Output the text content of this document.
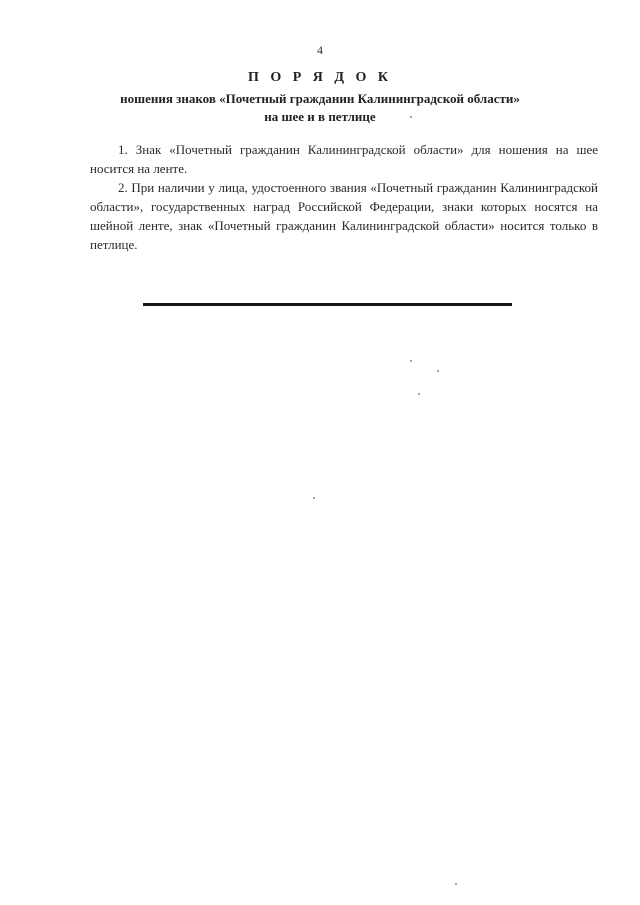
4
П О Р Я Д О К
ношения знаков «Почетный гражданин Калининградской области»
на шее и в петлице

1. Знак «Почетный гражданин Калининградской области» для ношения на шее носится на ленте.

2. При наличии у лица, удостоенного звания «Почетный гражданин Калининградской области», государственных наград Российской Федерации, знаки которых носятся на шейной ленте, знак «Почетный гражданин Калининградской области» носится только в петлице.
